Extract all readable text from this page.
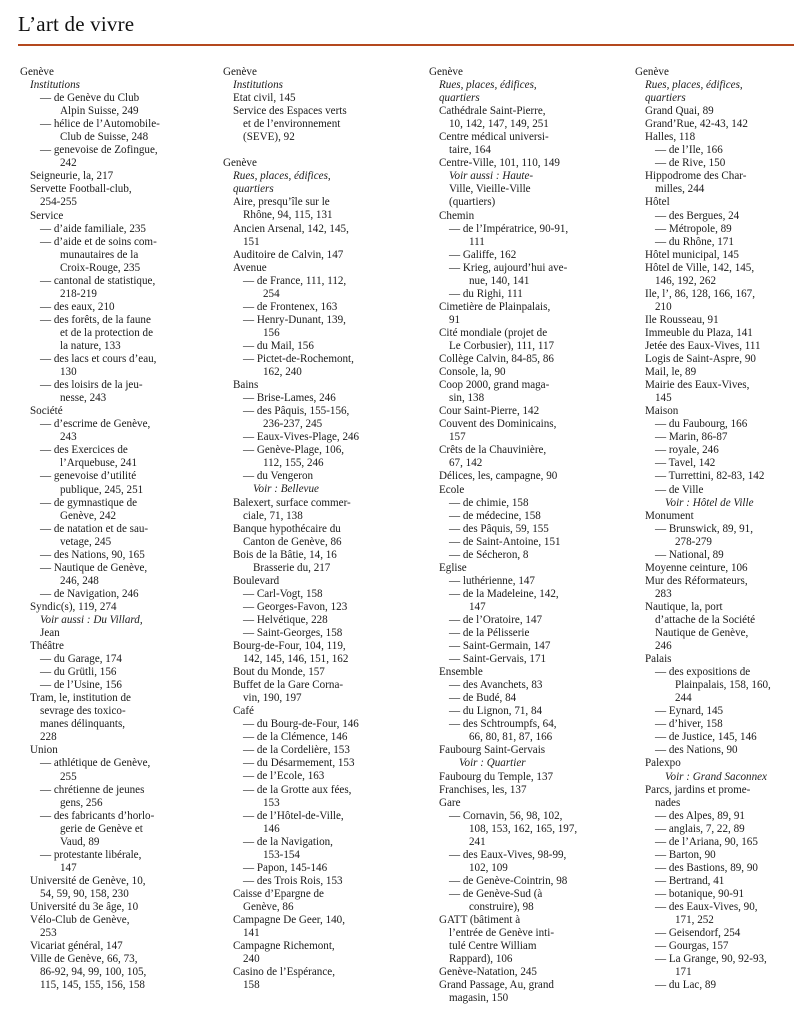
L’art de vivre
Genève
Institutions
— de Genève du Club
Alpin Suisse, 249
— hélice de l’Automobile-
Club de Suisse, 248
— genevoise de Zofingue,
242
Seigneurie, la, 217
Servette Football-club,
254-255
Service
— d’aide familiale, 235
— d’aide et de soins com-
munautaires de la
Croix-Rouge, 235
— cantonal de statistique,
218-219
— des eaux, 210
— des forêts, de la faune
et de la protection de
la nature, 133
— des lacs et cours d’eau,
130
— des loisirs de la jeu-
nesse, 243
Société
— d’escrime de Genève,
243
— des Exercices de
l’Arquebuse, 241
— genevoise d’utilité
publique, 245, 251
— de gymnastique de
Genève, 242
— de natation et de sau-
vetage, 245
— des Nations, 90, 165
— Nautique de Genève,
246, 248
— de Navigation, 246
Syndic(s), 119, 274
Voir aussi : Du Villard,
Jean
Théâtre
— du Garage, 174
— du Grütli, 156
— de l’Usine, 156
Tram, le, institution de
sevrage des toxico-
manes délinquants,
228
Union
— athlétique de Genève,
255
— chrétienne de jeunes
gens, 256
— des fabricants d’horlo-
gerie de Genève et
Vaud, 89
— protestante libérale,
147
Université de Genève, 10,
54, 59, 90, 158, 230
Université du 3e âge, 10
Vélo-Club de Genève,
253
Vicariat général, 147
Ville de Genève, 66, 73,
86-92, 94, 99, 100, 105,
115, 145, 155, 156, 158
Genève
Institutions
Etat civil, 145
Service des Espaces verts
et de l’environnement
(SEVE), 92
Genève
Rues, places, édifices,
quartiers
Aire, presqu’île sur le
Rhône, 94, 115, 131
Ancien Arsenal, 142, 145,
151
Auditoire de Calvin, 147
Avenue
— de France, 111, 112,
254
— de Frontenex, 163
— Henry-Dunant, 139,
156
— du Mail, 156
— Pictet-de-Rochemont,
162, 240
Bains
— Brise-Lames, 246
— des Pâquis, 155-156,
236-237, 245
— Eaux-Vives-Plage, 246
— Genève-Plage, 106,
112, 155, 246
— du Vengeron
Voir : Bellevue
Balexert, surface commer-
ciale, 71, 138
Banque hypothécaire du
Canton de Genève, 86
Bois de la Bâtie, 14, 16
Brasserie du, 217
Boulevard
— Carl-Vogt, 158
— Georges-Favon, 123
— Helvétique, 228
— Saint-Georges, 158
Bourg-de-Four, 104, 119,
142, 145, 146, 151, 162
Bout du Monde, 157
Buffet de la Gare Corna-
vin, 190, 197
Café
— du Bourg-de-Four, 146
— de la Clémence, 146
— de la Cordelière, 153
— du Désarmement, 153
— de l’Ecole, 163
— de la Grotte aux fées,
153
— de l’Hôtel-de-Ville,
146
— de la Navigation,
153-154
— Papon, 145-146
— des Trois Rois, 153
Caisse d’Epargne de
Genève, 86
Campagne De Geer, 140,
141
Campagne Richemont,
240
Casino de l’Espérance,
158
Genève
Rues, places, édifices,
quartiers
Cathédrale Saint-Pierre,
10, 142, 147, 149, 251
Centre médical universi-
taire, 164
Centre-Ville, 101, 110, 149
Voir aussi : Haute-
Ville, Vieille-Ville
(quartiers)
Chemin
— de l’Impératrice, 90-91,
111
— Galiffe, 162
— Krieg, aujourd’hui ave-
nue, 140, 141
— du Righi, 111
Cimetière de Plainpalais,
91
Cité mondiale (projet de
Le Corbusier), 111, 117
Collège Calvin, 84-85, 86
Console, la, 90
Coop 2000, grand maga-
sin, 138
Cour Saint-Pierre, 142
Couvent des Dominicains,
157
Crêts de la Chauvinière,
67, 142
Délices, les, campagne, 90
Ecole
— de chimie, 158
— de médecine, 158
— des Pâquis, 59, 155
— de Saint-Antoine, 151
— de Sécheron, 8
Eglise
— luthérienne, 147
— de la Madeleine, 142,
147
— de l’Oratoire, 147
— de la Pélisserie
— Saint-Germain, 147
— Saint-Gervais, 171
Ensemble
— des Avanchets, 83
— de Budé, 84
— du Lignon, 71, 84
— des Schtroumpfs, 64,
66, 80, 81, 87, 166
Faubourg Saint-Gervais
Voir : Quartier
Faubourg du Temple, 137
Franchises, les, 137
Gare
— Cornavin, 56, 98, 102,
108, 153, 162, 165, 197,
241
— des Eaux-Vives, 98-99,
102, 109
— de Genève-Cointrin, 98
— de Genève-Sud (à
construire), 98
GATT (bâtiment à
l’entrée de Genève inti-
tulé Centre William
Rappard), 106
Genève-Natation, 245
Grand Passage, Au, grand
magasin, 150
Genève
Rues, places, édifices,
quartiers
Grand Quai, 89
Grand’Rue, 42-43, 142
Halles, 118
— de l’Ile, 166
— de Rive, 150
Hippodrome des Char-
milles, 244
Hôtel
— des Bergues, 24
— Métropole, 89
— du Rhône, 171
Hôtel municipal, 145
Hôtel de Ville, 142, 145,
146, 192, 262
Ile, l’, 86, 128, 166, 167,
210
Ile Rousseau, 91
Immeuble du Plaza, 141
Jetée des Eaux-Vives, 111
Logis de Saint-Aspre, 90
Mail, le, 89
Mairie des Eaux-Vives,
145
Maison
— du Faubourg, 166
— Marin, 86-87
— royale, 246
— Tavel, 142
— Turrettini, 82-83, 142
— de Ville
Voir : Hôtel de Ville
Monument
— Brunswick, 89, 91,
278-279
— National, 89
Moyenne ceinture, 106
Mur des Réformateurs,
283
Nautique, la, port
d’attache de la Société
Nautique de Genève,
246
Palais
— des expositions de
Plainpalais, 158, 160,
244
— Eynard, 145
— d’hiver, 158
— de Justice, 145, 146
— des Nations, 90
Palexpo
Voir : Grand Saconnex
Parcs, jardins et prome-
nades
— des Alpes, 89, 91
— anglais, 7, 22, 89
— de l’Ariana, 90, 165
— Barton, 90
— des Bastions, 89, 90
— Bertrand, 41
— botanique, 90-91
— des Eaux-Vives, 90,
171, 252
— Geisendorf, 254
— Gourgas, 157
— La Grange, 90, 92-93,
171
— du Lac, 89
